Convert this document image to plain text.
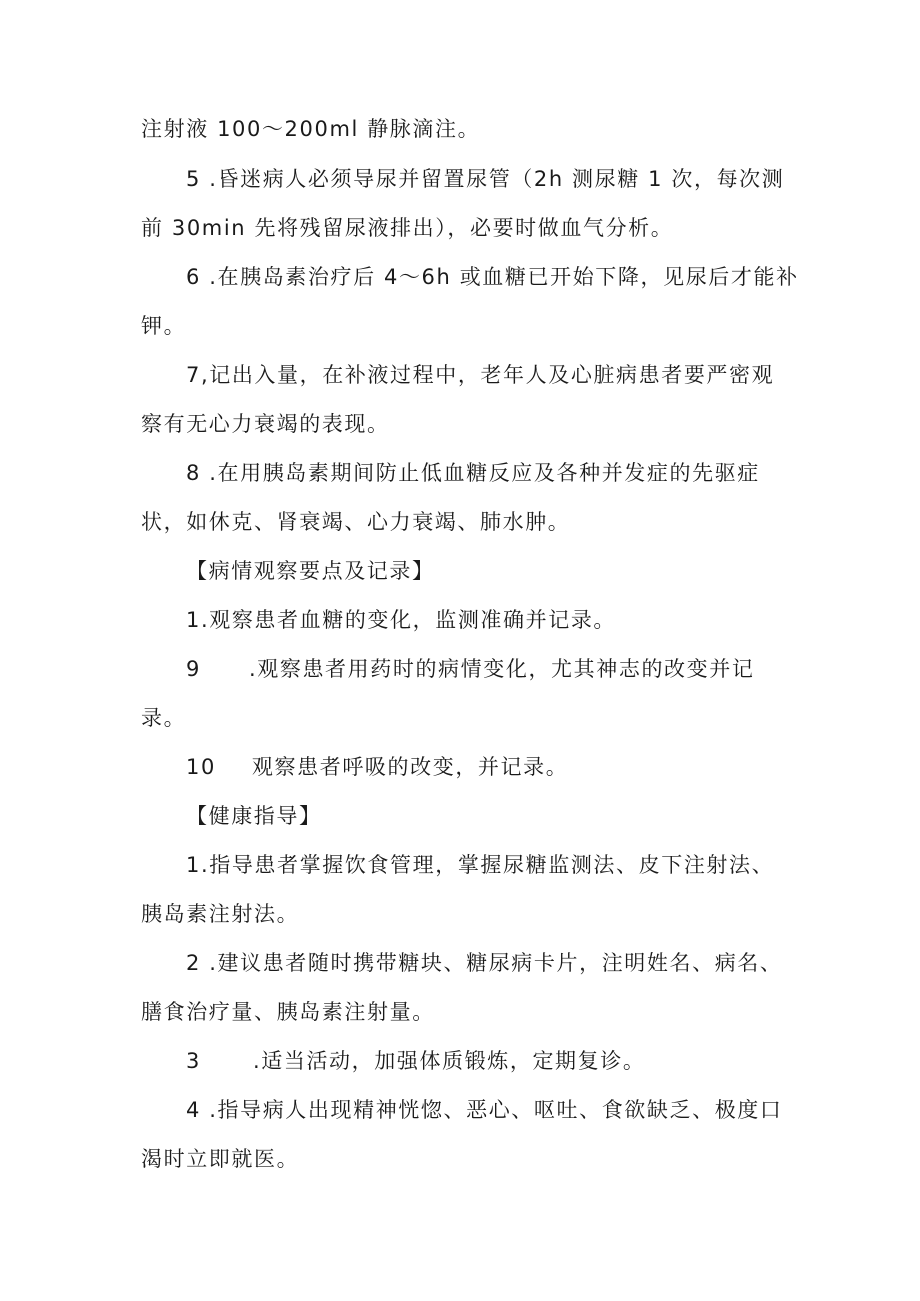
注射液 100～200ml 静脉滴注。
5 .昏迷病人必须导尿并留置尿管（2h 测尿糖 1 次，每次测
前 30min 先将残留尿液排出），必要时做血气分析。
6 .在胰岛素治疗后 4～6h 或血糖已开始下降，见尿后才能补
钾。
7,记出入量，在补液过程中，老年人及心脏病患者要严密观
察有无心力衰竭的表现。
8 .在用胰岛素期间防止低血糖反应及各种并发症的先驱症
状，如休克、肾衰竭、心力衰竭、肺水肿。
【病情观察要点及记录】
1.观察患者血糖的变化，监测准确并记录。
9 .观察患者用药时的病情变化，尤其神志的改变并记
录。
10 观察患者呼吸的改变，并记录。
【健康指导】
1.指导患者掌握饮食管理，掌握尿糖监测法、皮下注射法、
胰岛素注射法。
2 .建议患者随时携带糖块、糖尿病卡片，注明姓名、病名、
膳食治疗量、胰岛素注射量。
3 .适当活动，加强体质锻炼，定期复诊。
4 .指导病人出现精神恍惚、恶心、呕吐、食欲缺乏、极度口
渴时立即就医。
